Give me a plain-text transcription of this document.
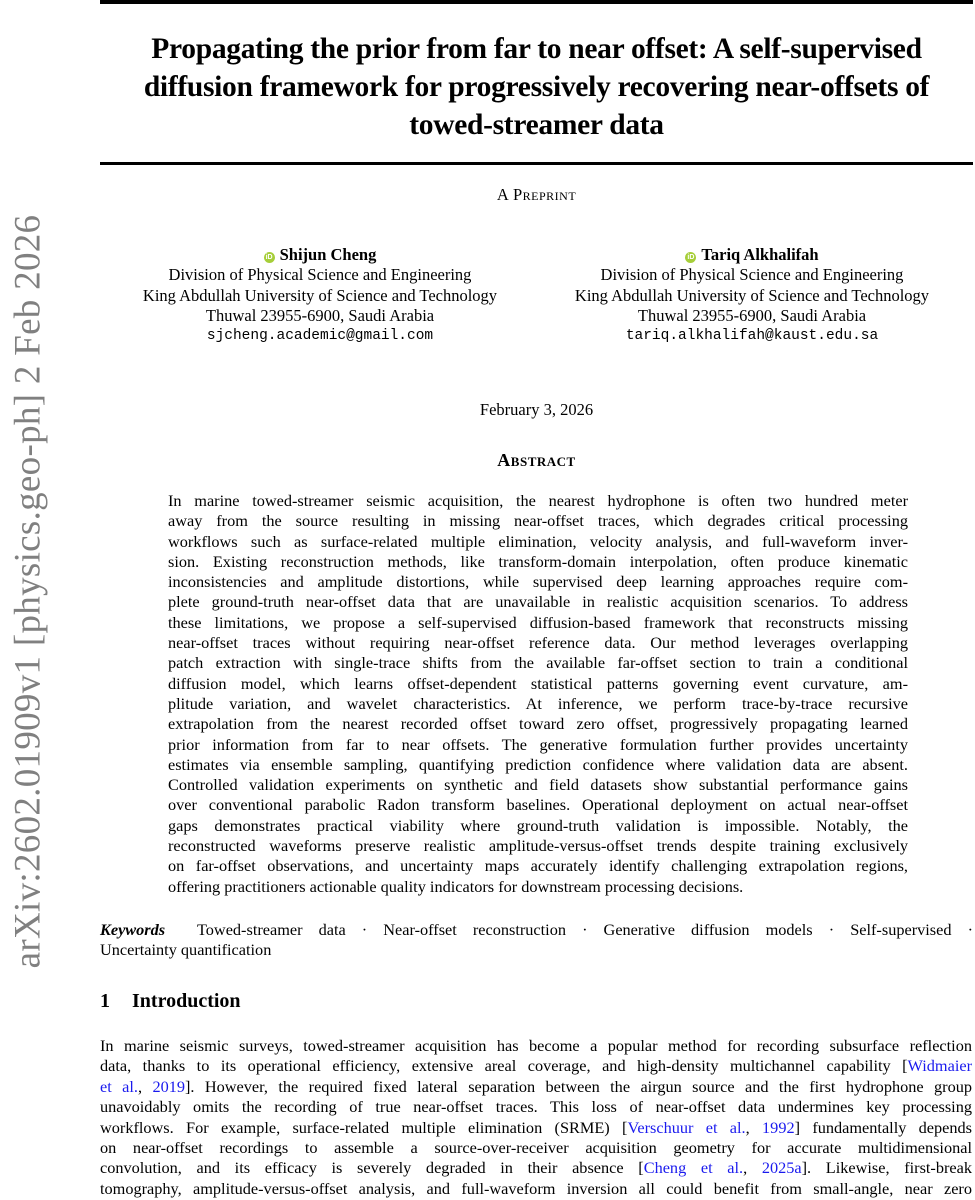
arXiv:2602.01909v1 [physics.geo-ph] 2 Feb 2026
Propagating the prior from far to near offset: A self-supervised
diffusion framework for progressively recovering near-offsets of
towed-streamer data
A Preprint
iD Shijun Cheng
Division of Physical Science and Engineering
King Abdullah University of Science and Technology
Thuwal 23955-6900, Saudi Arabia
sjcheng.academic@gmail.com
iD Tariq Alkhalifah
Division of Physical Science and Engineering
King Abdullah University of Science and Technology
Thuwal 23955-6900, Saudi Arabia
tariq.alkhalifah@kaust.edu.sa
February 3, 2026
Abstract
In marine towed-streamer seismic acquisition, the nearest hydrophone is often two hundred meter
away from the source resulting in missing near-offset traces, which degrades critical processing
workflows such as surface-related multiple elimination, velocity analysis, and full-waveform inver-
sion. Existing reconstruction methods, like transform-domain interpolation, often produce kinematic
inconsistencies and amplitude distortions, while supervised deep learning approaches require com-
plete ground-truth near-offset data that are unavailable in realistic acquisition scenarios. To address
these limitations, we propose a self-supervised diffusion-based framework that reconstructs missing
near-offset traces without requiring near-offset reference data. Our method leverages overlapping
patch extraction with single-trace shifts from the available far-offset section to train a conditional
diffusion model, which learns offset-dependent statistical patterns governing event curvature, am-
plitude variation, and wavelet characteristics. At inference, we perform trace-by-trace recursive
extrapolation from the nearest recorded offset toward zero offset, progressively propagating learned
prior information from far to near offsets. The generative formulation further provides uncertainty
estimates via ensemble sampling, quantifying prediction confidence where validation data are absent.
Controlled validation experiments on synthetic and field datasets show substantial performance gains
over conventional parabolic Radon transform baselines. Operational deployment on actual near-offset
gaps demonstrates practical viability where ground-truth validation is impossible. Notably, the
reconstructed waveforms preserve realistic amplitude-versus-offset trends despite training exclusively
on far-offset observations, and uncertainty maps accurately identify challenging extrapolation regions,
offering practitioners actionable quality indicators for downstream processing decisions.
Keywords Towed-streamer data · Near-offset reconstruction · Generative diffusion models · Self-supervised ·
Uncertainty quantification
1 Introduction
In marine seismic surveys, towed-streamer acquisition has become a popular method for recording subsurface reflection
data, thanks to its operational efficiency, extensive areal coverage, and high-density multichannel capability [Widmaier
et al., 2019]. However, the required fixed lateral separation between the airgun source and the first hydrophone group
unavoidably omits the recording of true near-offset traces. This loss of near-offset data undermines key processing
workflows. For example, surface-related multiple elimination (SRME) [Verschuur et al., 1992] fundamentally depends
on near-offset recordings to assemble a source-over-receiver acquisition geometry for accurate multidimensional
convolution, and its efficacy is severely degraded in their absence [Cheng et al., 2025a]. Likewise, first-break
tomography, amplitude-versus-offset analysis, and full-waveform inversion all could benefit from small-angle, near zero
